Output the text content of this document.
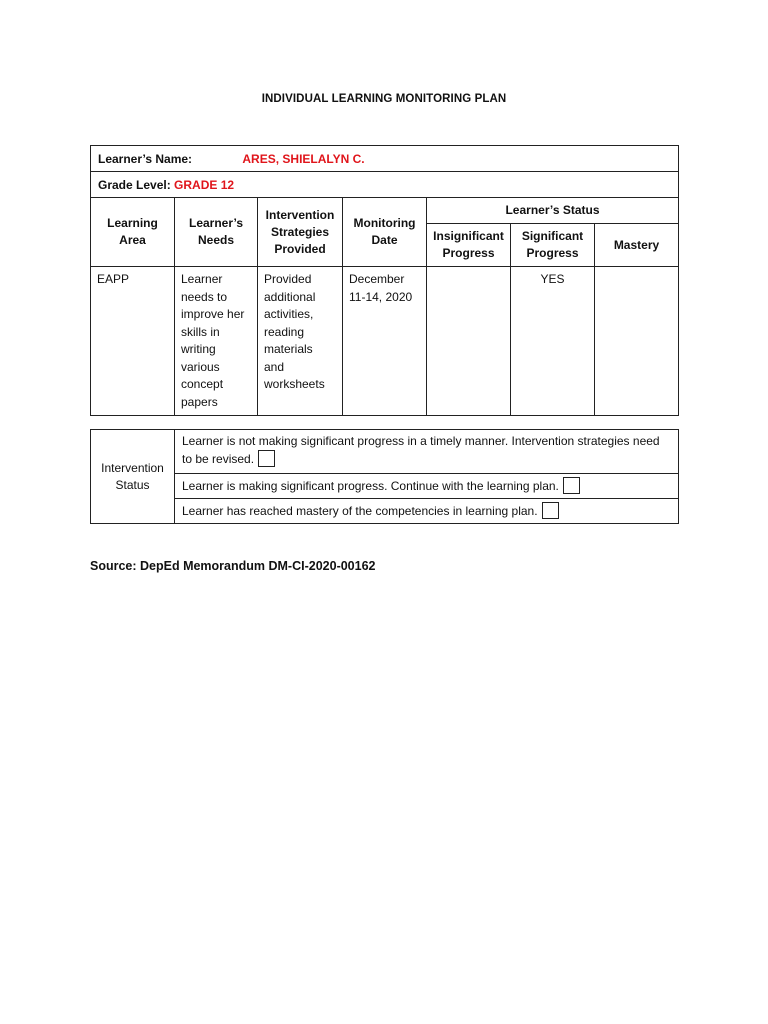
INDIVIDUAL LEARNING MONITORING PLAN
Learner’s Name: ARES, SHIELALYN C.						
Grade Level: GRADE 12						
Learning Area	Learner’s Needs	Intervention Strategies Provided	Monitoring Date	Learner’s Status		
				Insignificant Progress	Significant Progress	Mastery
EAPP	Learner needs to improve her skills in writing various concept papers	Provided additional activities, reading materials and worksheets	December 11-14, 2020		YES	
Intervention Status	Learner is not making significant progress in a timely manner. Intervention strategies need to be revised.
Learner is making significant progress. Continue with the learning plan.
Learner has reached mastery of the competencies in learning plan.
Source: DepEd Memorandum DM-CI-2020-00162
